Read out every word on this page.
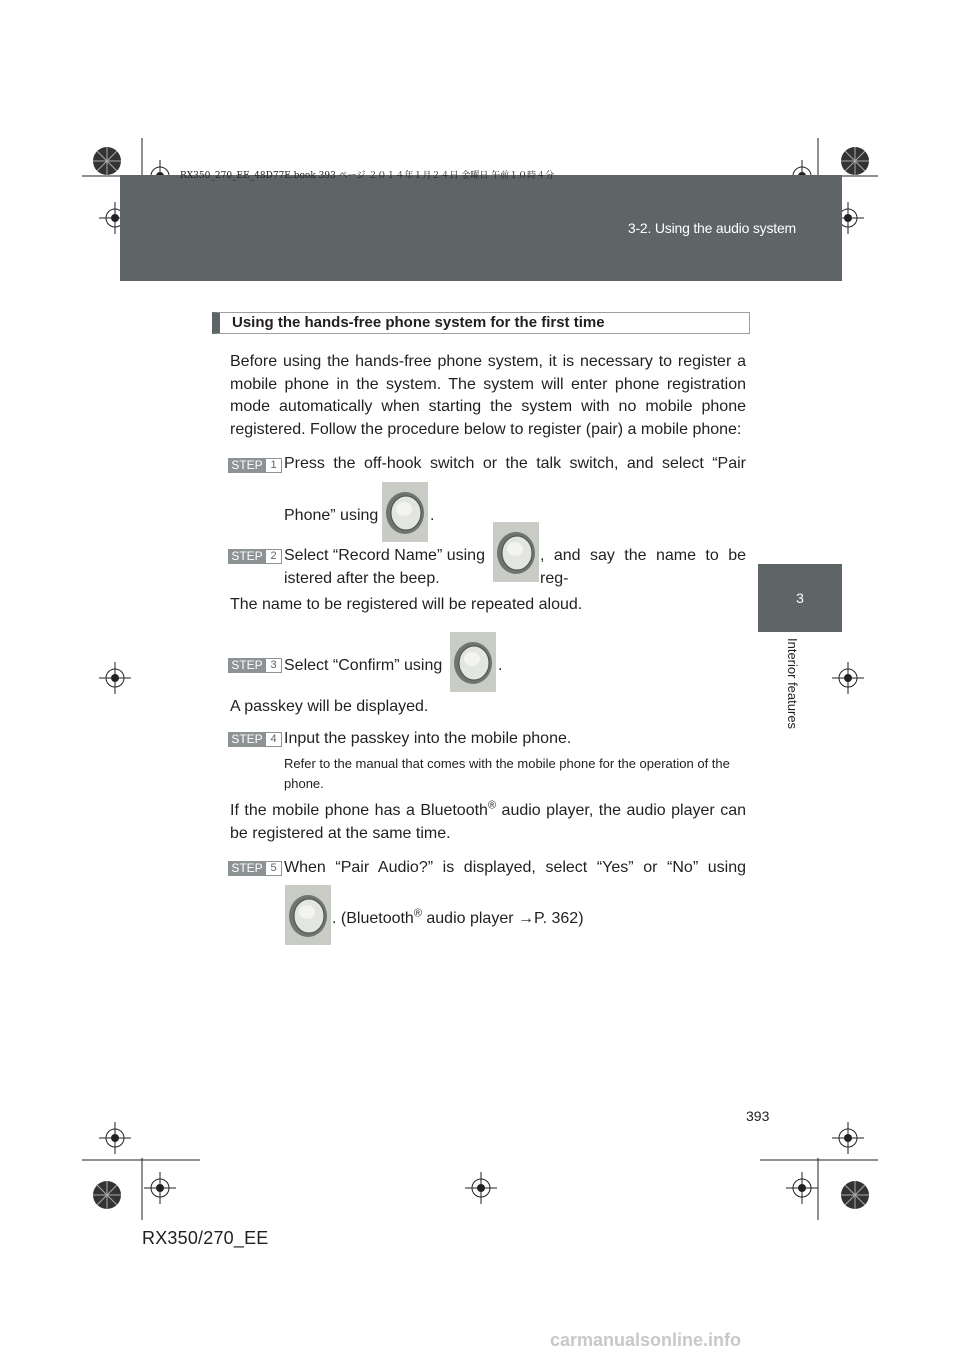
RX350_270_EE_48D77E.book 393 ページ ２０１４年１月２４日 金曜日 午前１０時４分
3-2. Using the audio system
3
Interior features
Using the hands-free phone system for the first time
Before using the hands-free phone system, it is necessary to register a mobile phone in the system. The system will enter phone registration mode automatically when starting the system with no mobile phone registered. Follow the procedure below to register (pair) a mobile phone:
STEP 1 Press the off-hook switch or the talk switch, and select “Pair
Phone” using	.
STEP 2 Select “Record Name” using	, and say the name to be reg-
istered after the beep.
The name to be registered will be repeated aloud.
STEP 3 Select “Confirm” using	.
A passkey will be displayed.
STEP 4 Input the passkey into the mobile phone.
Refer to the manual that comes with the mobile phone for the operation of the phone.
If the mobile phone has a Bluetooth® audio player, the audio player can be registered at the same time.
STEP 5 When “Pair Audio?” is displayed, select “Yes” or “No” using
. (Bluetooth® audio player →P. 362)
393
RX350/270_EE
carmanualsonline.info
